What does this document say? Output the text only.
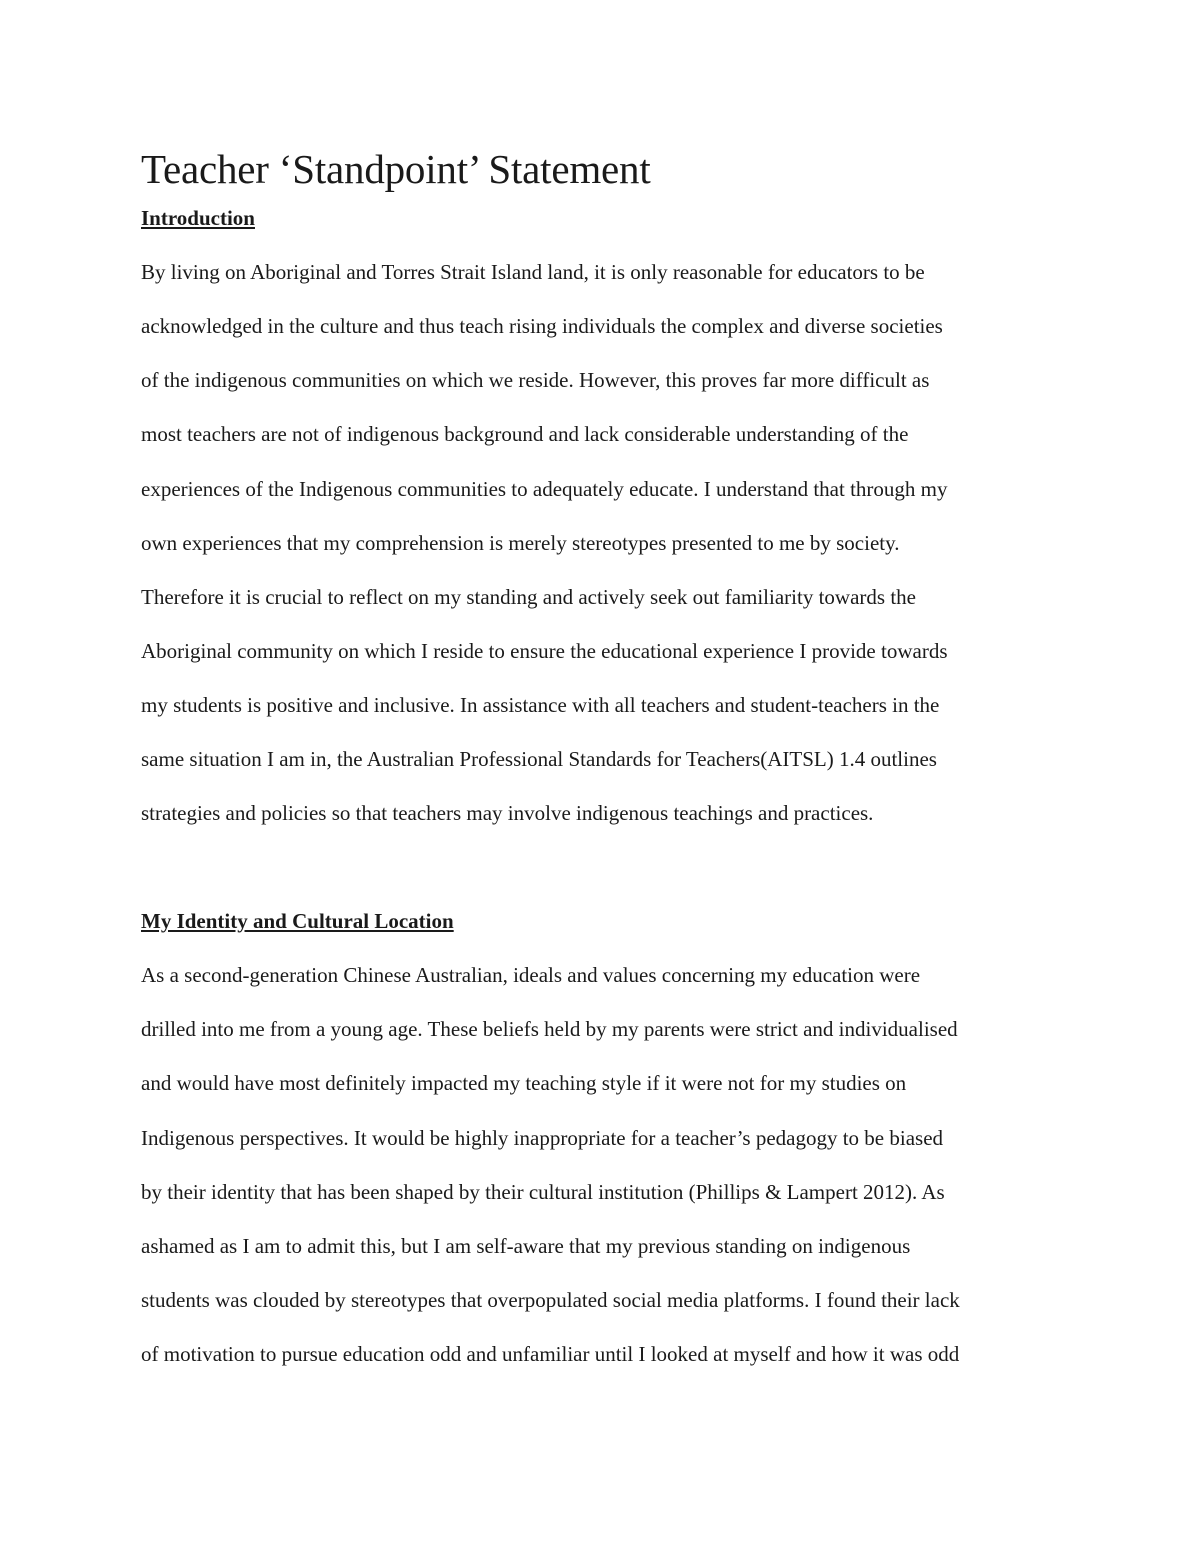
Teacher ‘Standpoint’ Statement
Introduction

By living on Aboriginal and Torres Strait Island land, it is only reasonable for educators to be

acknowledged in the culture and thus teach rising individuals the complex and diverse societies

of the indigenous communities on which we reside. However, this proves far more difficult as

most teachers are not of indigenous background and lack considerable understanding of the

experiences of the Indigenous communities to adequately educate. I understand that through my

own experiences that my comprehension is merely stereotypes presented to me by society.

Therefore it is crucial to reflect on my standing and actively seek out familiarity towards the

Aboriginal community on which I reside to ensure the educational experience I provide towards

my students is positive and inclusive. In assistance with all teachers and student-teachers in the

same situation I am in, the Australian Professional Standards for Teachers(AITSL) 1.4 outlines

strategies and policies so that teachers may involve indigenous teachings and practices.

My Identity and Cultural Location

As a second-generation Chinese Australian, ideals and values concerning my education were

drilled into me from a young age. These beliefs held by my parents were strict and individualised

and would have most definitely impacted my teaching style if it were not for my studies on

Indigenous perspectives. It would be highly inappropriate for a teacher’s pedagogy to be biased

by their identity that has been shaped by their cultural institution (Phillips & Lampert 2012). As

ashamed as I am to admit this, but I am self-aware that my previous standing on indigenous

students was clouded by stereotypes that overpopulated social media platforms. I found their lack

of motivation to pursue education odd and unfamiliar until I looked at myself and how it was odd
